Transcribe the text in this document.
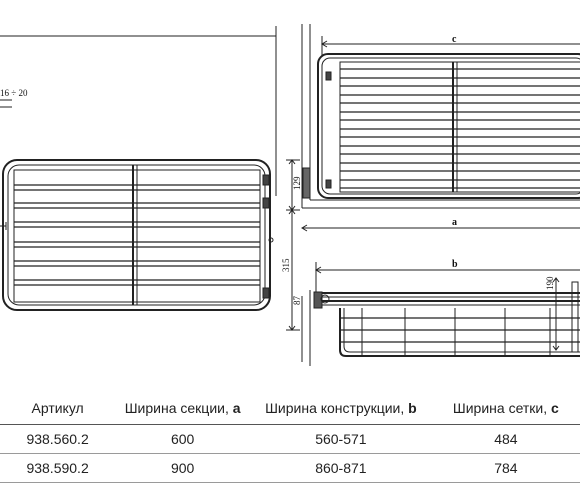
16 ÷ 20
c
a
b
129
315
87
190
Артикул	Ширина секции, a	Ширина конструкции, b	Ширина сетки, c
938.560.2	600	560-571	484
938.590.2	900	860-871	784
